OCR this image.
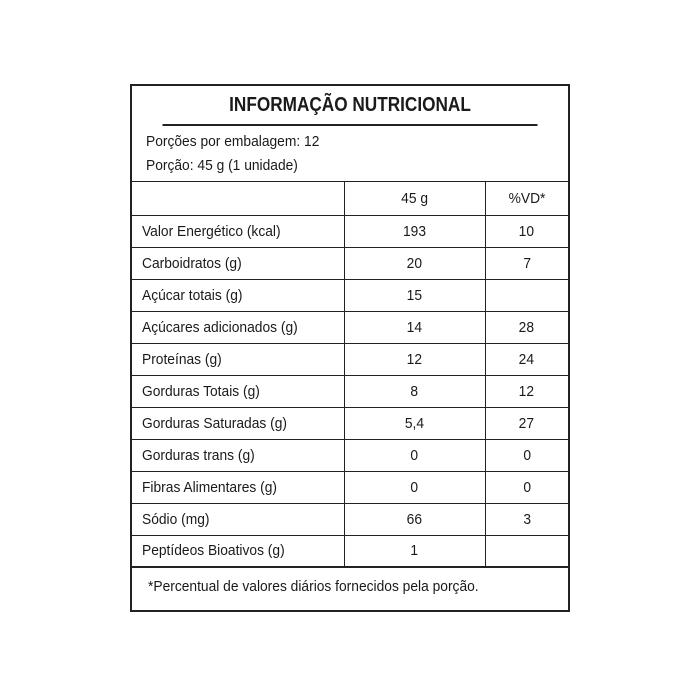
INFORMAÇÃO NUTRICIONAL
Porções por embalagem: 12
Porção: 45 g (1 unidade)
	45 g	%VD*
Valor Energético (kcal)	193	10
Carboidratos (g)	20	7
Açúcar totais (g)	15	
Açúcares adicionados (g)	14	28
Proteínas (g)	12	24
Gorduras Totais (g)	8	12
Gorduras Saturadas (g)	5,4	27
Gorduras trans (g)	0	0
Fibras Alimentares (g)	0	0
Sódio (mg)	66	3
Peptídeos Bioativos (g)	1	
*Percentual de valores diários fornecidos pela porção.
